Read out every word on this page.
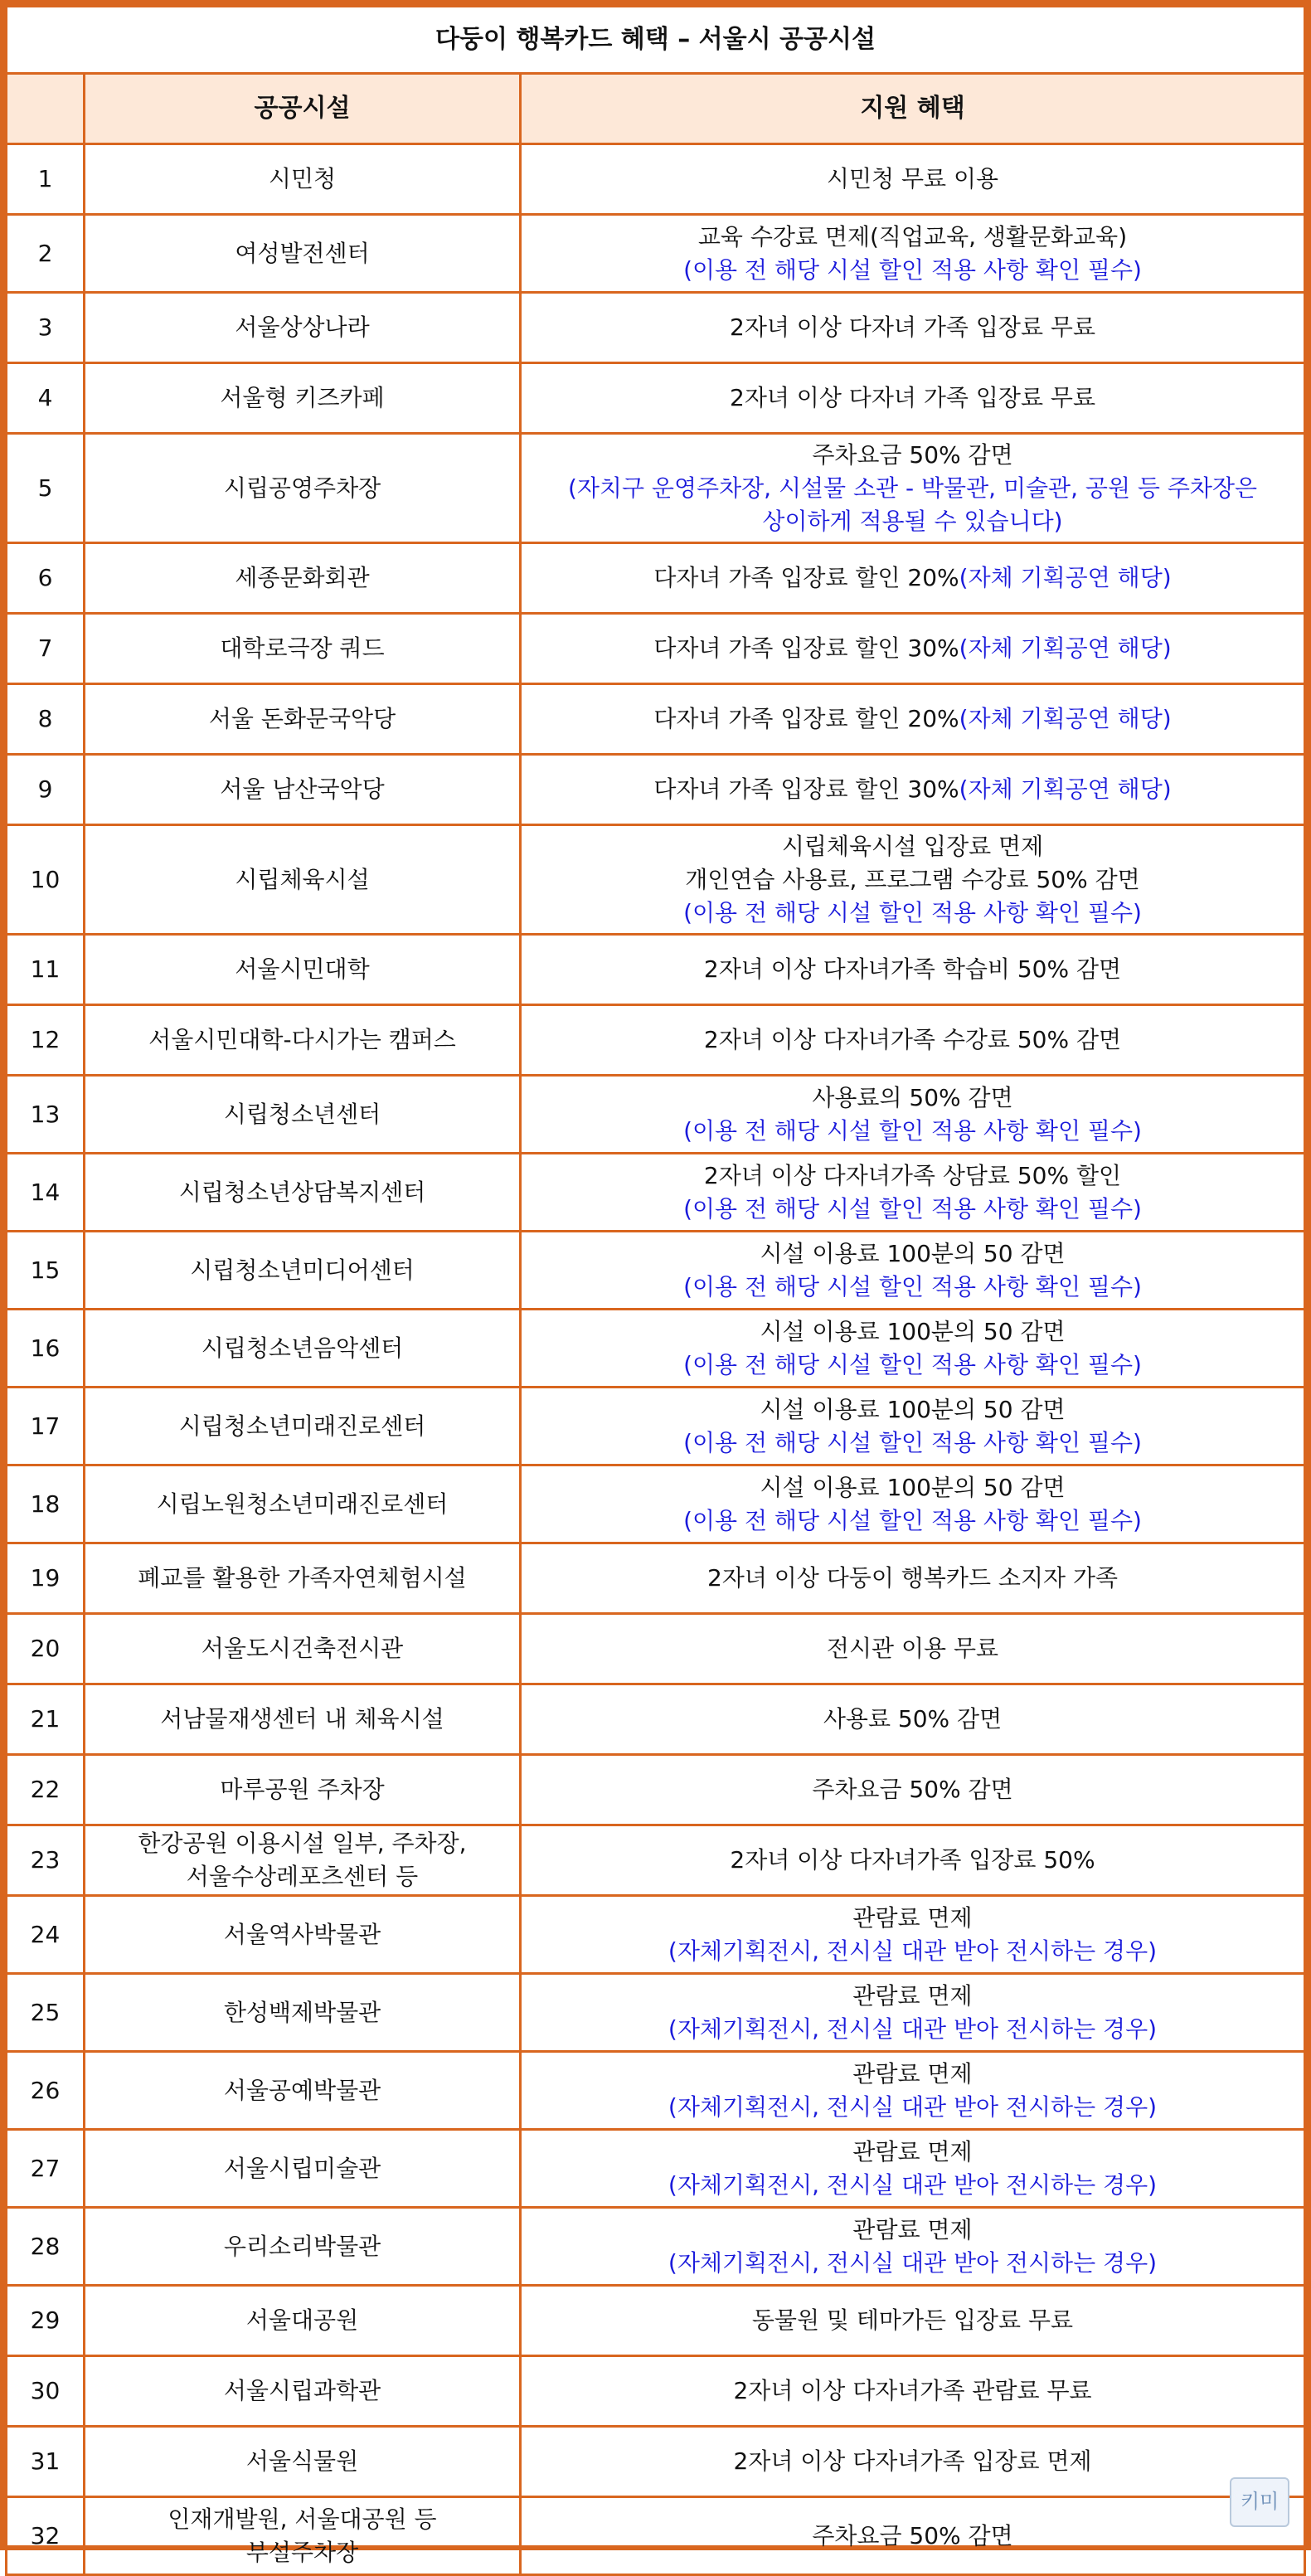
다둥이 행복카드 혜택 – 서울시 공공시설		
	공공시설	지원 혜택
1	시민청	시민청 무료 이용

2	여성발전센터	교육 수강료 면제(직업교육, 생활문화교육)
(이용 전 해당 시설 할인 적용 사항 확인 필수)

3	서울상상나라	2자녀 이상 다자녀 가족 입장료 무료

4	서울형 키즈카페	2자녀 이상 다자녀 가족 입장료 무료

5	시립공영주차장	주차요금 50% 감면
(자치구 운영주차장, 시설물 소관 - 박물관, 미술관, 공원 등 주차장은
상이하게 적용될 수 있습니다)

6	세종문화회관	다자녀 가족 입장료 할인 20%(자체 기획공연 해당)

7	대학로극장 쿼드	다자녀 가족 입장료 할인 30%(자체 기획공연 해당)

8	서울 돈화문국악당	다자녀 가족 입장료 할인 20%(자체 기획공연 해당)

9	서울 남산국악당	다자녀 가족 입장료 할인 30%(자체 기획공연 해당)

10	시립체육시설	시립체육시설 입장료 면제
개인연습 사용료, 프로그램 수강료 50% 감면
(이용 전 해당 시설 할인 적용 사항 확인 필수)

11	서울시민대학	2자녀 이상 다자녀가족 학습비 50% 감면

12	서울시민대학-다시가는 캠퍼스	2자녀 이상 다자녀가족 수강료 50% 감면

13	시립청소년센터	사용료의 50% 감면
(이용 전 해당 시설 할인 적용 사항 확인 필수)

14	시립청소년상담복지센터	2자녀 이상 다자녀가족 상담료 50% 할인
(이용 전 해당 시설 할인 적용 사항 확인 필수)

15	시립청소년미디어센터	시설 이용료 100분의 50 감면
(이용 전 해당 시설 할인 적용 사항 확인 필수)

16	시립청소년음악센터	시설 이용료 100분의 50 감면
(이용 전 해당 시설 할인 적용 사항 확인 필수)

17	시립청소년미래진로센터	시설 이용료 100분의 50 감면
(이용 전 해당 시설 할인 적용 사항 확인 필수)

18	시립노원청소년미래진로센터	시설 이용료 100분의 50 감면
(이용 전 해당 시설 할인 적용 사항 확인 필수)

19	폐교를 활용한 가족자연체험시설	2자녀 이상 다둥이 행복카드 소지자 가족

20	서울도시건축전시관	전시관 이용 무료

21	서남물재생센터 내 체육시설	사용료 50% 감면

22	마루공원 주차장	주차요금 50% 감면

23	한강공원 이용시설 일부, 주차장,
서울수상레포츠센터 등	2자녀 이상 다자녀가족 입장료 50%

24	서울역사박물관	관람료 면제
(자체기획전시, 전시실 대관 받아 전시하는 경우)

25	한성백제박물관	관람료 면제
(자체기획전시, 전시실 대관 받아 전시하는 경우)

26	서울공예박물관	관람료 면제
(자체기획전시, 전시실 대관 받아 전시하는 경우)

27	서울시립미술관	관람료 면제
(자체기획전시, 전시실 대관 받아 전시하는 경우)

28	우리소리박물관	관람료 면제
(자체기획전시, 전시실 대관 받아 전시하는 경우)

29	서울대공원	동물원 및 테마가든 입장료 무료

30	서울시립과학관	2자녀 이상 다자녀가족 관람료 무료

31	서울식물원	2자녀 이상 다자녀가족 입장료 면제

32	인재개발원, 서울대공원 등
부설주차장	주차요금 50% 감면
키미
